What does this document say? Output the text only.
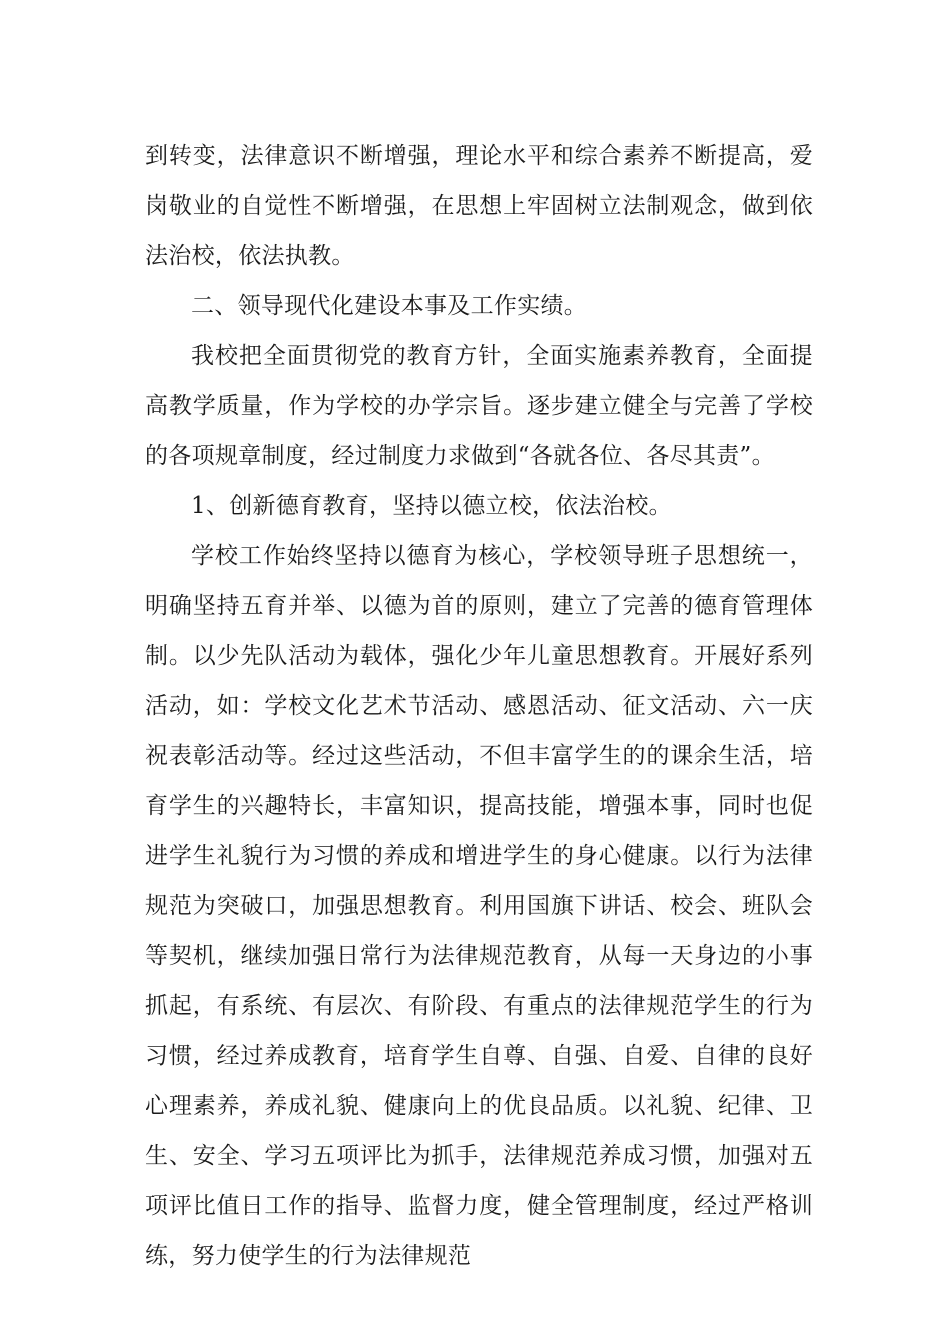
到转变，法律意识不断增强，理论水平和综合素养不断提高，爱岗敬业的自觉性不断增强，在思想上牢固树立法制观念，做到依法治校，依法执教。

二、领导现代化建设本事及工作实绩。

我校把全面贯彻党的教育方针，全面实施素养教育，全面提高教学质量，作为学校的办学宗旨。逐步建立健全与完善了学校的各项规章制度，经过制度力求做到“各就各位、各尽其责”。

1、创新德育教育，坚持以德立校，依法治校。

学校工作始终坚持以德育为核心，学校领导班子思想统一，明确坚持五育并举、以德为首的原则，建立了完善的德育管理体制。以少先队活动为载体，强化少年儿童思想教育。开展好系列活动，如：学校文化艺术节活动、感恩活动、征文活动、六一庆祝表彰活动等。经过这些活动，不但丰富学生的的课余生活，培育学生的兴趣特长，丰富知识，提高技能，增强本事，同时也促进学生礼貌行为习惯的养成和增进学生的身心健康。以行为法律规范为突破口，加强思想教育。利用国旗下讲话、校会、班队会等契机，继续加强日常行为法律规范教育，从每一天身边的小事抓起，有系统、有层次、有阶段、有重点的法律规范学生的行为习惯，经过养成教育，培育学生自尊、自强、自爱、自律的良好心理素养，养成礼貌、健康向上的优良品质。以礼貌、纪律、卫生、安全、学习五项评比为抓手，法律规范养成习惯，加强对五项评比值日工作的指导、监督力度，健全管理制度，经过严格训练，努力使学生的行为法律规范
